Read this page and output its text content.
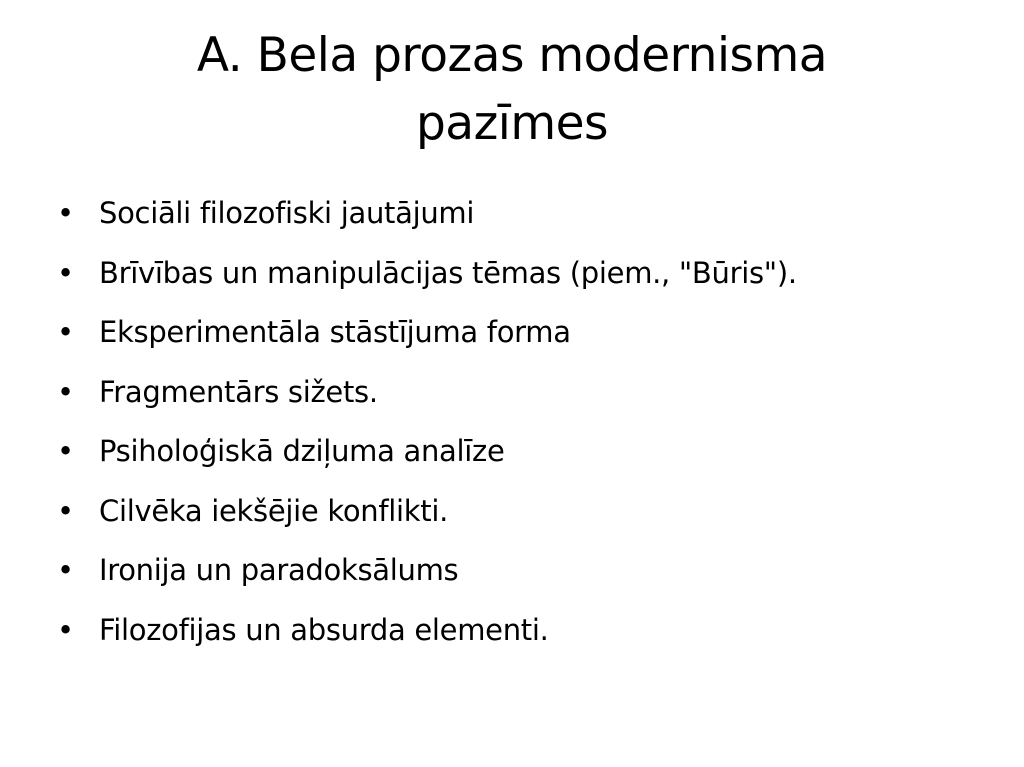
A. Bela prozas modernisma
pazīmes
• Sociāli filozofiski jautājumi
• Brīvības un manipulācijas tēmas (piem., "Būris").
• Eksperimentāla stāstījuma forma
• Fragmentārs sižets.
• Psiholoģiskā dziļuma analīze
• Cilvēka iekšējie konflikti.
• Ironija un paradoksālums
• Filozofijas un absurda elementi.
